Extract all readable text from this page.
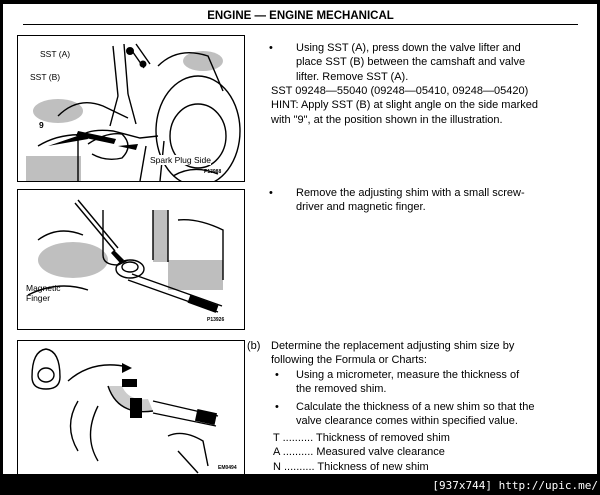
ENGINE — ENGINE MECHANICAL
SST (A)
SST (B)
9
Spark Plug Side
P13988
Magnetic
Finger
P13926
EM0494
• Using SST (A), press down the valve lifter and
place SST (B) between the camshaft and valve
lifter. Remove SST (A).
SST 09248—55040 (09248—05410, 09248—05420)
HINT: Apply SST (B) at slight angle on the side marked
with "9", at the position shown in the illustration.
• Remove the adjusting shim with a small screw-
driver and magnetic finger.
(b) Determine the replacement adjusting shim size by
following the Formula or Charts:
• Using a micrometer, measure the thickness of
the removed shim.
• Calculate the thickness of a new shim so that the
valve clearance comes within specified value.
T .......... Thickness of removed shim
A .......... Measured valve clearance
N .......... Thickness of new shim
[937x744] http://upic.me/
